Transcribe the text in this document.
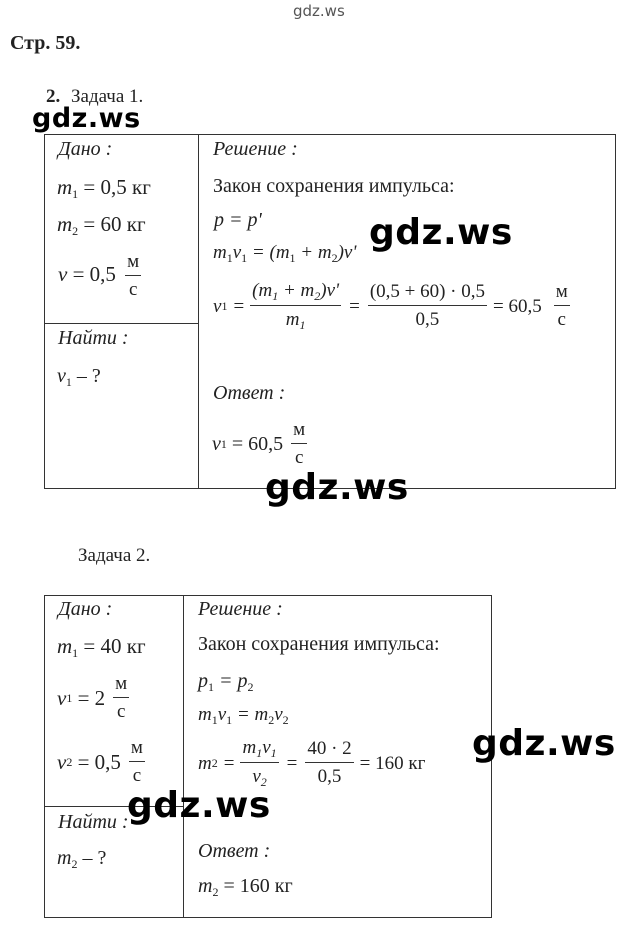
gdz.ws
Стр. 59.
2. Задача 1.
gdz.ws
Дано :
$m_1 = 0,5$ кг
$m_2 = 60$ кг
$v = 0,5 \frac{м}{с}$
Найти :
$v_1$ – ?
Решение :
Закон сохранения импульса:
p = p'
$m_1v_1 = (m_1 + m_2)v'$ gdz.ws
v $1 = \frac{(m_1 + m_2)v'}{m_1} = \frac{(0,5 + 60) \cdot 0,5}{0,5} = 60,5 \frac{м}{с}$
Ответ :
v 1
= $60,5 \frac{м}{с}$
gdz.ws
Задача 2.
Дано :
$m_1 = 40$ кг
v 1
= $2 \frac{м}{с}$
v 2
= $0,5 \frac{м}{с}$
Найти :
$m_2$ – ?
gdz.ws
Решение :
Закон сохранения импульса:
$p_1 = p_2$
$m_1v_1 = m_2v_2$
m $2 = \frac{m_1v_1}{v_2} = \frac{40 \cdot 2}{0,5} = 160$ кг gdz.ws
Ответ :
$m_2 = 160$ кг
